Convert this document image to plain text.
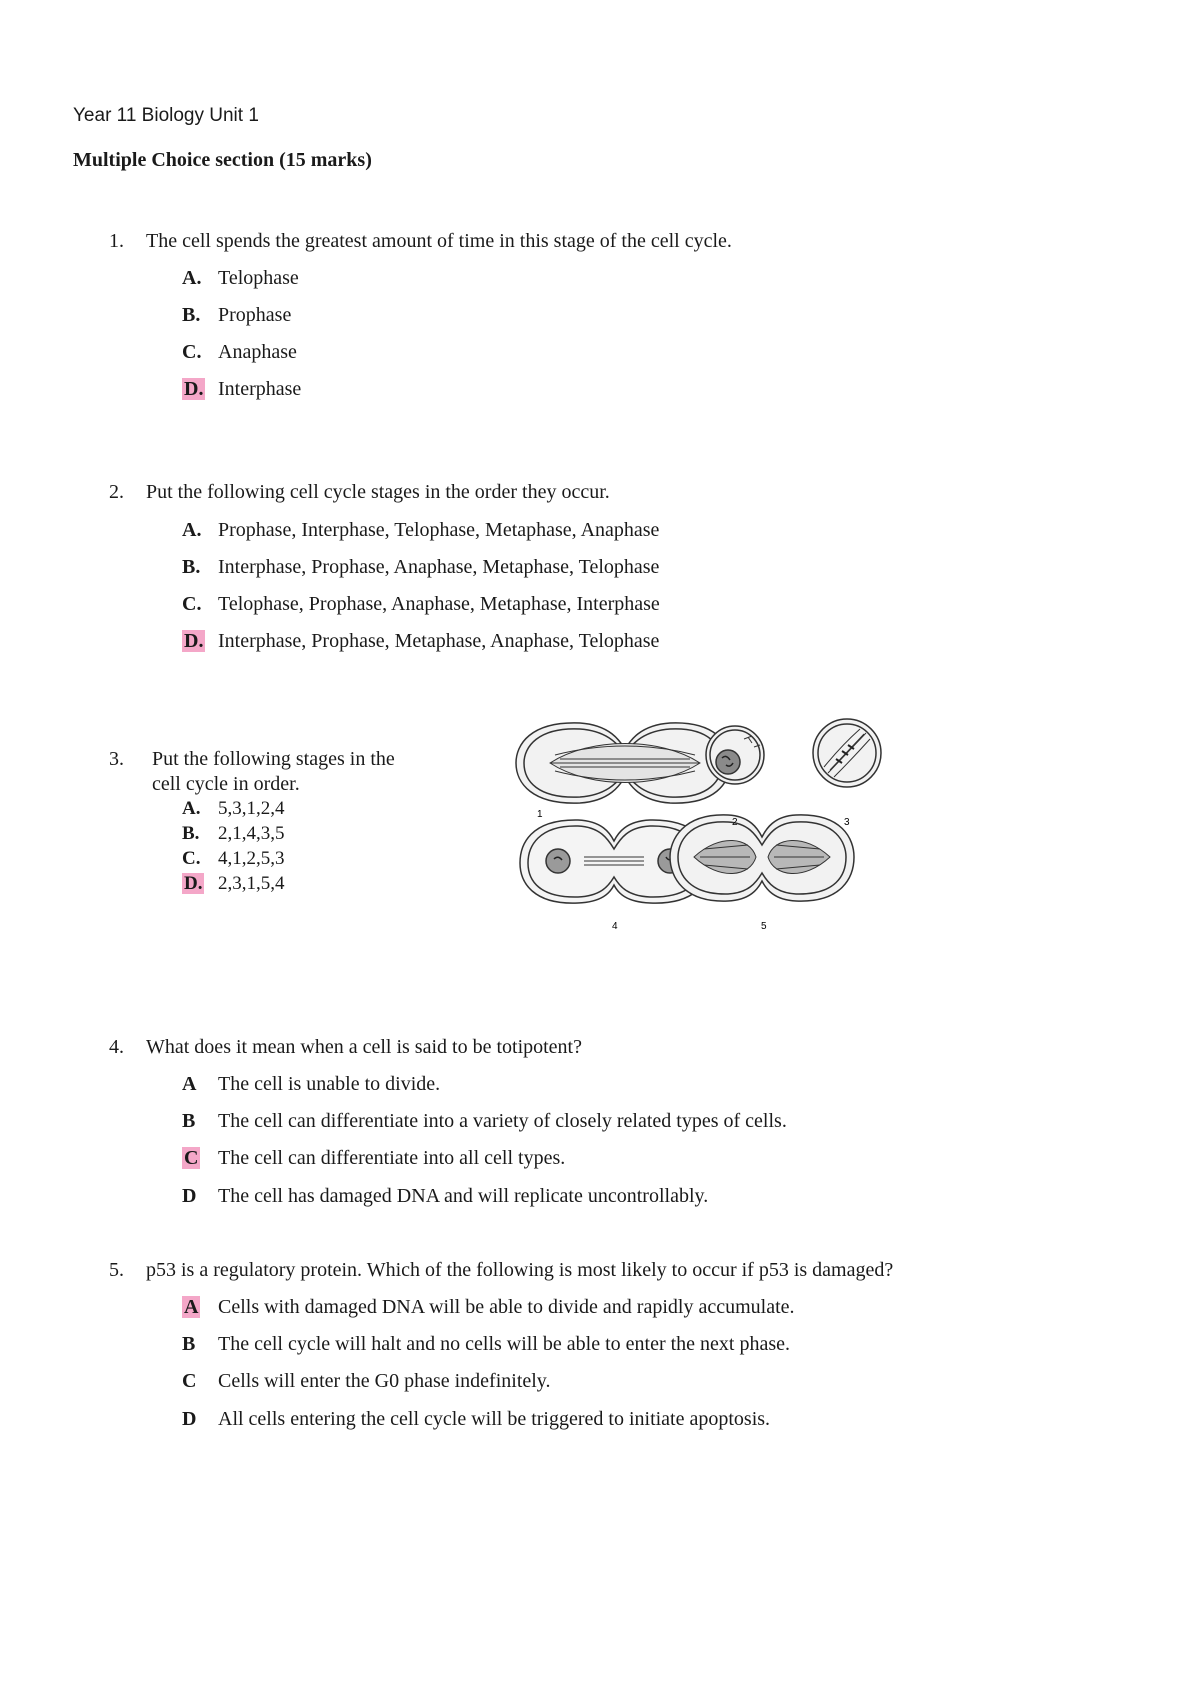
Year 11 Biology Unit 1
Multiple Choice section (15 marks)
1. The cell spends the greatest amount of time in this stage of the cell cycle.
A. Telophase
B. Prophase
C. Anaphase
D. Interphase
2. Put the following cell cycle stages in the order they occur.
A. Prophase, Interphase, Telophase, Metaphase, Anaphase
B. Interphase, Prophase, Anaphase, Metaphase, Telophase
C. Telophase, Prophase, Anaphase, Metaphase, Interphase
D. Interphase, Prophase, Metaphase, Anaphase, Telophase
3. Put the following stages in the
cell cycle in order.
A. 5,3,1,2,4
B. 2,1,4,3,5
C. 4,1,2,5,3
D. 2,3,1,5,4
1
2	3
4	5
4. What does it mean when a cell is said to be totipotent?
A The cell is unable to divide.
B The cell can differentiate into a variety of closely related types of cells.
C The cell can differentiate into all cell types.
D The cell has damaged DNA and will replicate uncontrollably.
5. p53 is a regulatory protein. Which of the following is most likely to occur if p53 is damaged?
A Cells with damaged DNA will be able to divide and rapidly accumulate.
B The cell cycle will halt and no cells will be able to enter the next phase.
C Cells will enter the G0 phase indefinitely.
D All cells entering the cell cycle will be triggered to initiate apoptosis.
